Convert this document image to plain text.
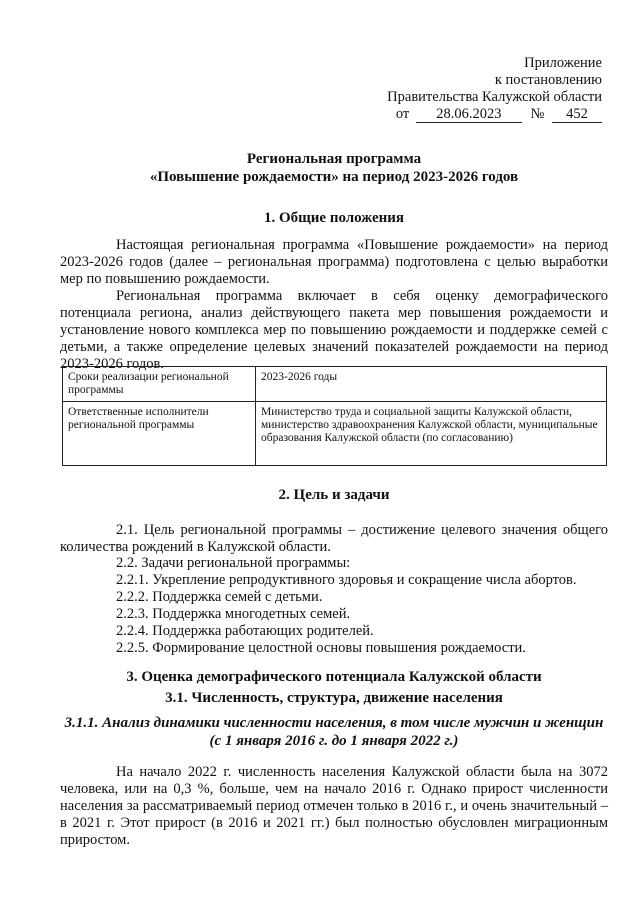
Приложение
к постановлению
Правительства Калужской области
от 28.06.2023 № 452
Региональная программа
«Повышение рождаемости» на период 2023-2026 годов
1. Общие положения

Настоящая региональная программа «Повышение рождаемости» на период 2023-2026 годов (далее – региональная программа) подготовлена с целью выработки мер по повышению рождаемости.

Региональная программа включает в себя оценку демографического потенциала региона, анализ действующего пакета мер повышения рождаемости и установление нового комплекса мер по повышению рождаемости и поддержке семей с детьми, а также определение целевых значений показателей рождаемости на период 2023-2026 годов.

Сроки реализации региональной программы	2023-2026 годы
Ответственные исполнители региональной программы	Министерство труда и социальной защиты Калужской области, министерство здравоохранения Калужской области, муниципальные образования Калужской области (по согласованию)
2. Цель и задачи

2.1. Цель региональной программы – достижение целевого значения общего количества рождений в Калужской области.

2.2. Задачи региональной программы:
2.2.1. Укрепление репродуктивного здоровья и сокращение числа абортов.
2.2.2. Поддержка семей с детьми.
2.2.3. Поддержка многодетных семей.
2.2.4. Поддержка работающих родителей.
2.2.5. Формирование целостной основы повышения рождаемости.
3. Оценка демографического потенциала Калужской области
3.1. Численность, структура, движение населения
3.1.1. Анализ динамики численности населения, в том числе мужчин и женщин
(с 1 января 2016 г. до 1 января 2022 г.)

На начало 2022 г. численность населения Калужской области была на 3072 человека, или на 0,3 %, больше, чем на начало 2016 г. Однако прирост численности населения за рассматриваемый период отмечен только в 2016 г., и очень значительный – в 2021 г. Этот прирост (в 2016 и 2021 гг.) был полностью обусловлен миграционным приростом.
